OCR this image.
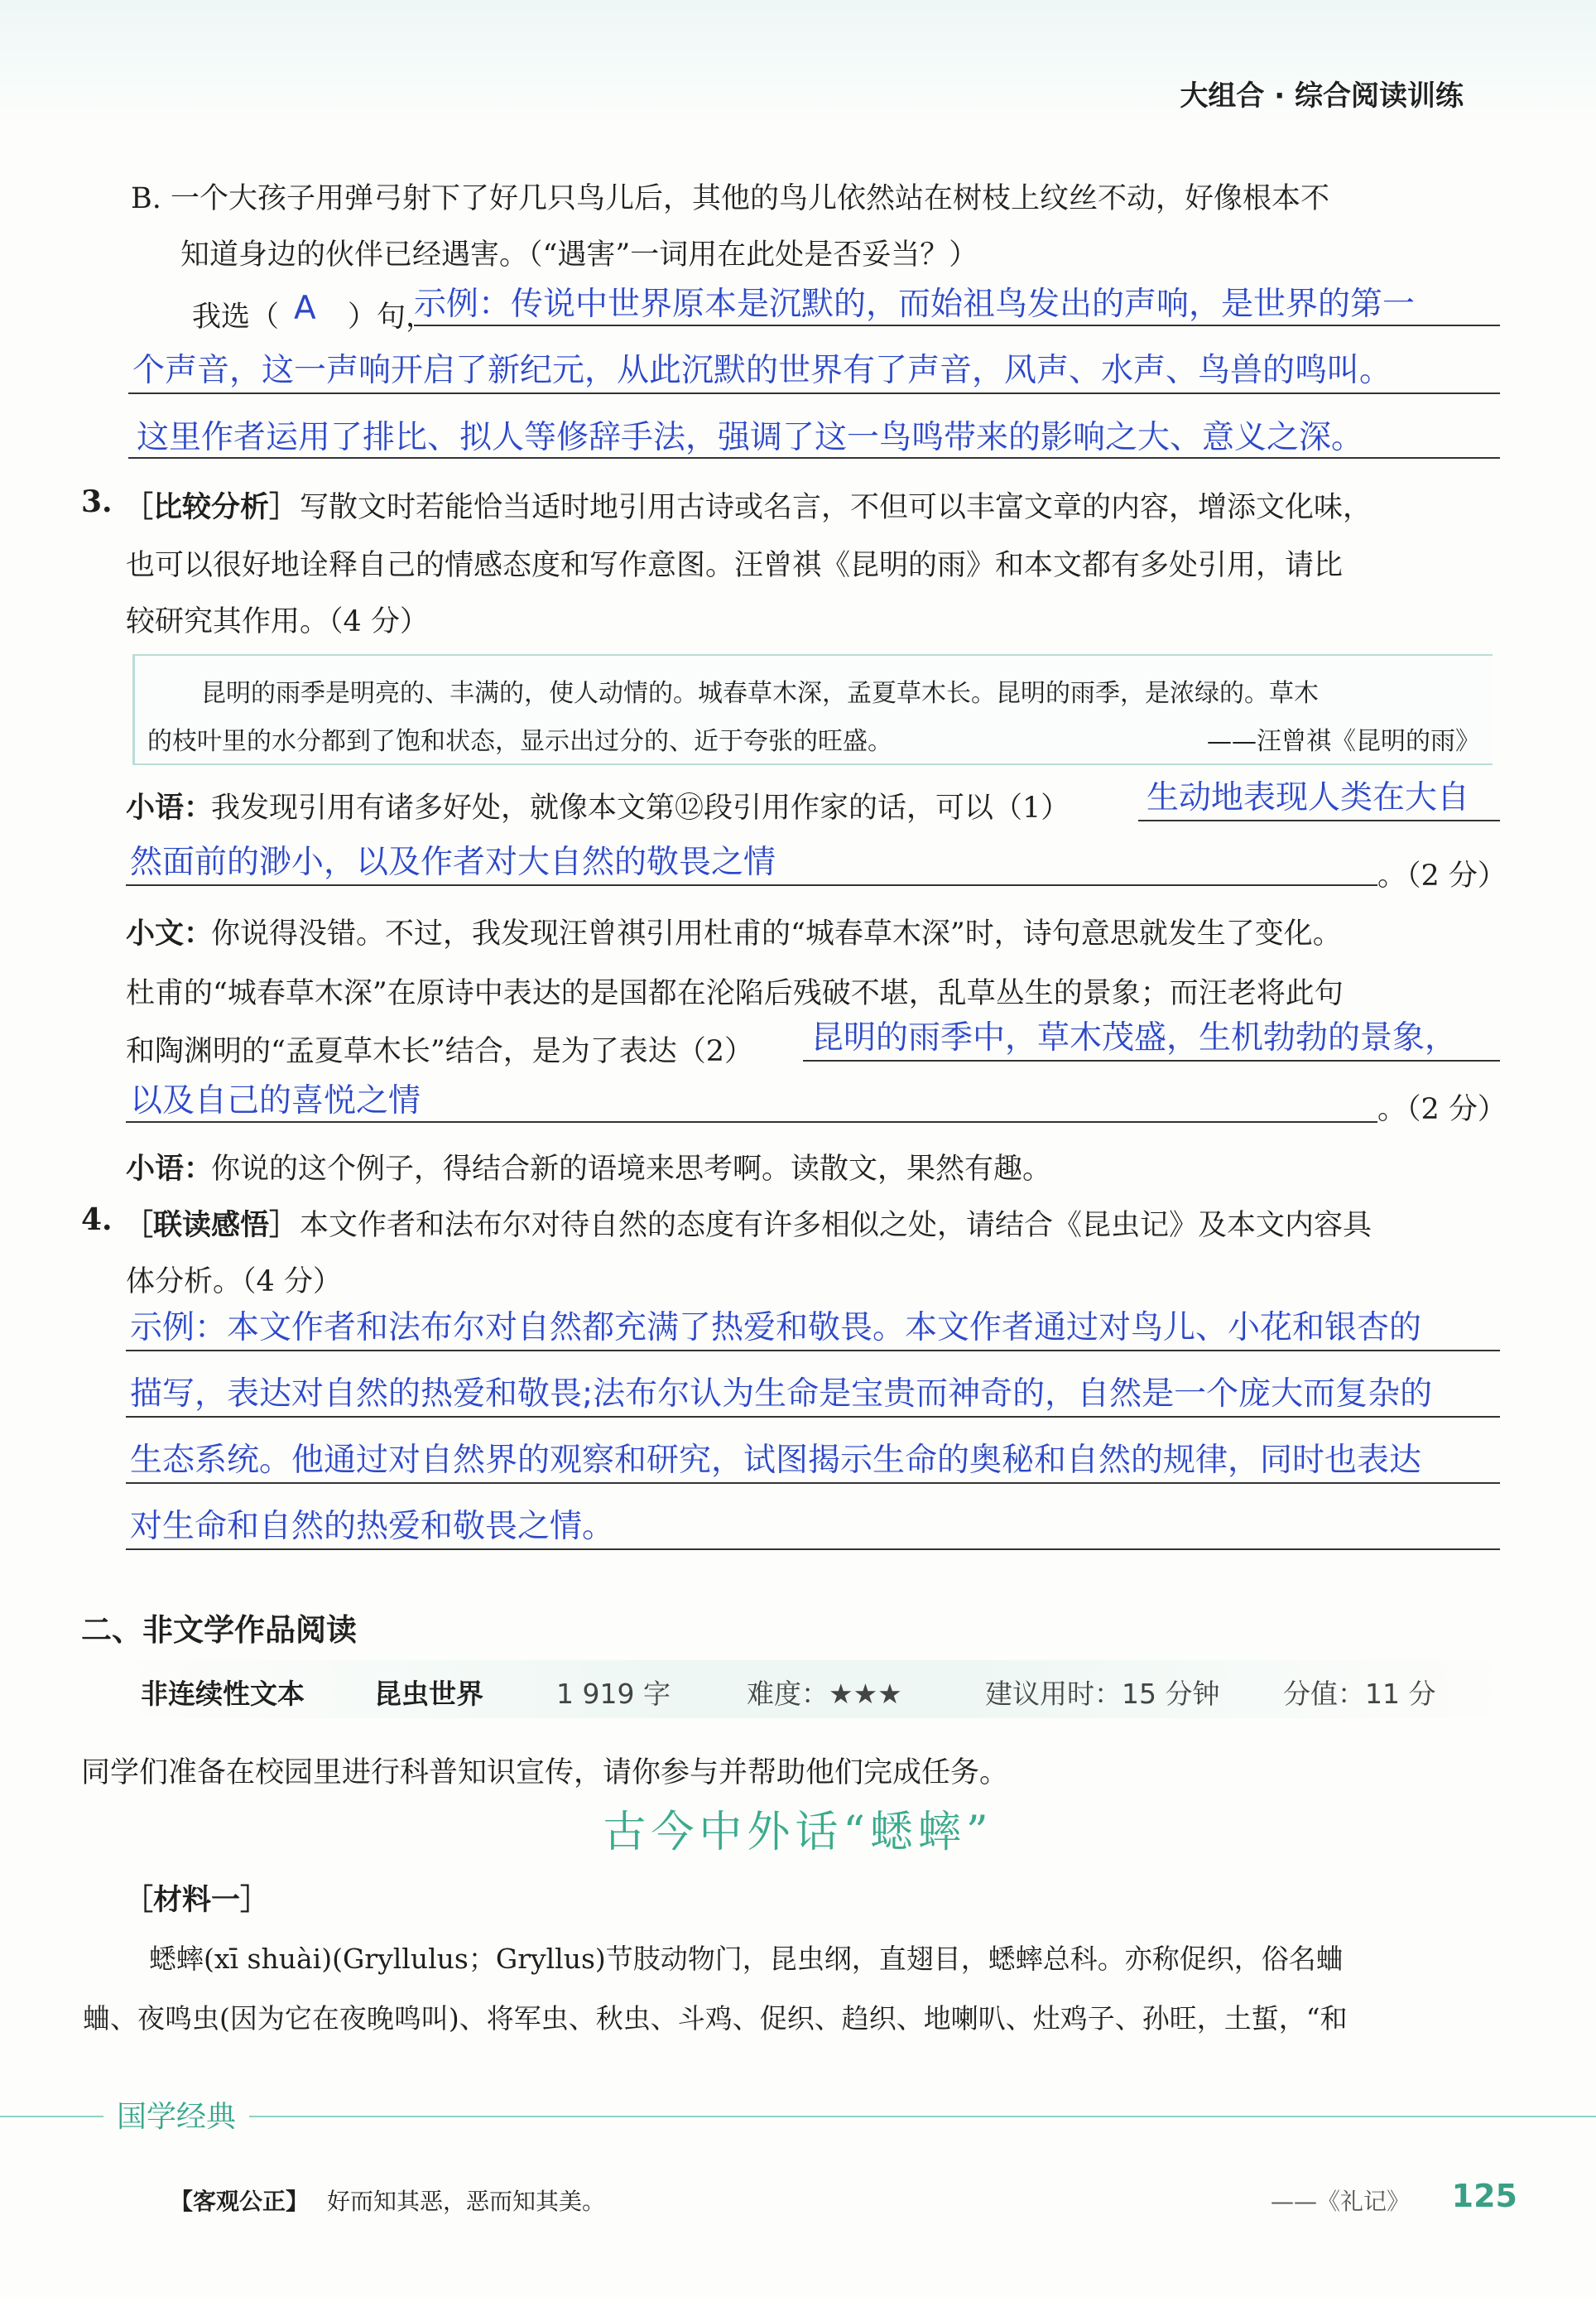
大组合 · 综合阅读训练
B. 一个大孩子用弹弓射下了好几只鸟儿后，其他的鸟儿依然站在树枝上纹丝不动，好像根本不
知道身边的伙伴已经遇害。（“遇害”一词用在此处是否妥当？）
我选（ A ）句，
示例：传说中世界原本是沉默的，而始祖鸟发出的声响，是世界的第一
个声音，这一声响开启了新纪元，从此沉默的世界有了声音，风声、水声、鸟兽的鸣叫。
这里作者运用了排比、拟人等修辞手法，强调了这一鸟鸣带来的影响之大、意义之深。
3. ［比较分析］ 写散文时若能恰当适时地引用古诗或名言，不但可以丰富文章的内容，增添文化味，
也可以很好地诠释自己的情感态度和写作意图。汪曾祺《昆明的雨》和本文都有多处引用，请比
较研究其作用。（4 分）
昆明的雨季是明亮的、丰满的，使人动情的。城春草木深，孟夏草木长。昆明的雨季，是浓绿的。草木
的枝叶里的水分都到了饱和状态，显示出过分的、近于夸张的旺盛。	——汪曾祺《昆明的雨》
小语：
我发现引用有诸多好处，就像本文第⑫段引用作家的话，可以（1） 生动地表现人类在大自
然面前的渺小，以及作者对大自然的敬畏之情	。（2 分）
小文：
你说得没错。不过，我发现汪曾祺引用杜甫的“城春草木深”时，诗句意思就发生了变化。
杜甫的“城春草木深”在原诗中表达的是国都在沦陷后残破不堪，乱草丛生的景象；而汪老将此句
和陶渊明的“孟夏草木长”结合，是为了表达（2） 昆明的雨季中，草木茂盛，生机勃勃的景象，
以及自己的喜悦之情	。（2 分）
小语：
你说的这个例子，得结合新的语境来思考啊。读散文，果然有趣。
4. ［联读感悟］ 本文作者和法布尔对待自然的态度有许多相似之处，请结合《昆虫记》及本文内容具
体分析。（4 分）
示例：本文作者和法布尔对自然都充满了热爱和敬畏。本文作者通过对鸟儿、小花和银杏的
描写，表达对自然的热爱和敬畏;法布尔认为生命是宝贵而神奇的，自然是一个庞大而复杂的
生态系统。他通过对自然界的观察和研究，试图揭示生命的奥秘和自然的规律，同时也表达
对生命和自然的热爱和敬畏之情。
二、非文学作品阅读
非连续性文本	昆虫世界	1 919 字	难度：★★★	建议用时：15 分钟 分值：11 分
同学们准备在校园里进行科普知识宣传，请你参与并帮助他们完成任务。
古今中外话“蟋蟀”
［材料一］
蟋蟀(xī shuài)(Gryllulus；Gryllus)节肢动物门，昆虫纲，直翅目，蟋蟀总科。亦称促织，俗名蛐
蛐、夜鸣虫(因为它在夜晚鸣叫)、将军虫、秋虫、斗鸡、促织、趋织、地喇叭、灶鸡子、孙旺，土蜇，“和
国学经典
【客观公正】 好而知其恶，恶而知其美。	——《礼记》 125
